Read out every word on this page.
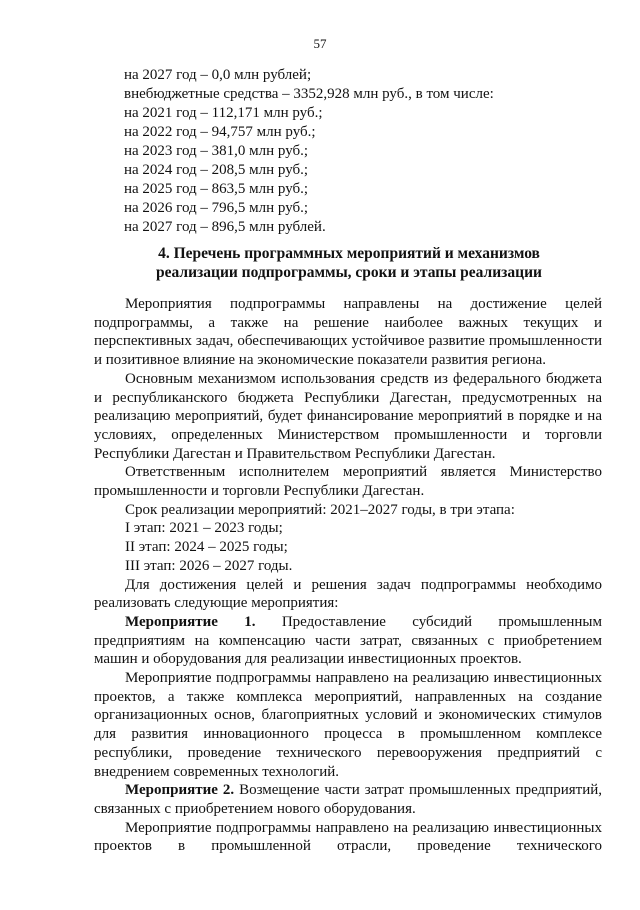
57
на 2027 год – 0,0 млн рублей;
внебюджетные средства – 3352,928 млн руб., в том числе:
на 2021 год – 112,171 млн руб.;
на 2022 год – 94,757 млн руб.;
на 2023 год – 381,0 млн руб.;
на 2024 год – 208,5 млн руб.;
на 2025 год – 863,5 млн руб.;
на 2026 год – 796,5 млн руб.;
на 2027 год – 896,5 млн рублей.
4. Перечень программных мероприятий и механизмов
реализации подпрограммы, сроки и этапы реализации

Мероприятия подпрограммы направлены на достижение целей подпрограммы, а также на решение наиболее важных текущих и перспективных задач, обеспечивающих устойчивое развитие промышленности и позитивное влияние на экономические показатели развития региона.

Основным механизмом использования средств из федерального бюджета и республиканского бюджета Республики Дагестан, предусмотренных на реализацию мероприятий, будет финансирование мероприятий в порядке и на условиях, определенных Министерством промышленности и торговли Республики Дагестан и Правительством Республики Дагестан.

Ответственным исполнителем мероприятий является Министерство промышленности и торговли Республики Дагестан.

Срок реализации мероприятий: 2021–2027 годы, в три этапа:

I этап: 2021 – 2023 годы;

II этап: 2024 – 2025 годы;

III этап: 2026 – 2027 годы.

Для достижения целей и решения задач подпрограммы необходимо реализовать следующие мероприятия:

Мероприятие 1. Предоставление субсидий промышленным предприятиям на компенсацию части затрат, связанных с приобретением машин и оборудования для реализации инвестиционных проектов.

Мероприятие подпрограммы направлено на реализацию инвестиционных проектов, а также комплекса мероприятий, направленных на создание организационных основ, благоприятных условий и экономических стимулов для развития инновационного процесса в промышленном комплексе республики, проведение технического перевооружения предприятий с внедрением современных технологий.

Мероприятие 2. Возмещение части затрат промышленных предприятий, связанных с приобретением нового оборудования.

Мероприятие подпрограммы направлено на реализацию инвестиционных проектов в промышленной отрасли, проведение технического
